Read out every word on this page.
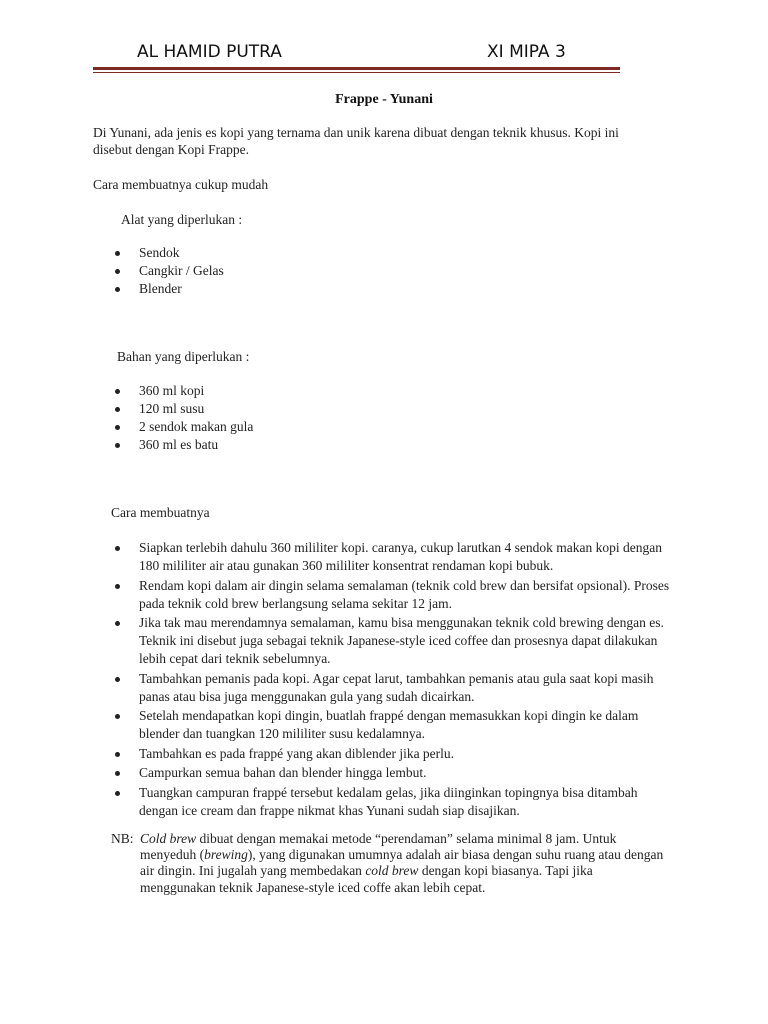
AL HAMID PUTRA	XI MIPA 3
Frappe - Yunani

Di Yunani, ada jenis es kopi yang ternama dan unik karena dibuat dengan teknik khusus. Kopi ini disebut dengan Kopi Frappe.

Cara membuatnya cukup mudah

Alat yang diperlukan :
Sendok
Cangkir / Gelas
Blender
Bahan yang diperlukan :
360 ml kopi
120 ml susu
2 sendok makan gula
360 ml es batu
Cara membuatnya
Siapkan terlebih dahulu 360 mililiter kopi. caranya, cukup larutkan 4 sendok makan kopi dengan 180 mililiter air atau gunakan 360 mililiter konsentrat rendaman kopi bubuk.
Rendam kopi dalam air dingin selama semalaman (teknik cold brew dan bersifat opsional). Proses pada teknik cold brew berlangsung selama sekitar 12 jam.
Jika tak mau merendamnya semalaman, kamu bisa menggunakan teknik cold brewing dengan es. Teknik ini disebut juga sebagai teknik Japanese-style iced coffee dan prosesnya dapat dilakukan lebih cepat dari teknik sebelumnya.
Tambahkan pemanis pada kopi. Agar cepat larut, tambahkan pemanis atau gula saat kopi masih panas atau bisa juga menggunakan gula yang sudah dicairkan.
Setelah mendapatkan kopi dingin, buatlah frappé dengan memasukkan kopi dingin ke dalam blender dan tuangkan 120 mililiter susu kedalamnya.
Tambahkan es pada frappé yang akan diblender jika perlu.
Campurkan semua bahan dan blender hingga lembut.
Tuangkan campuran frappé tersebut kedalam gelas, jika diinginkan topingnya bisa ditambah dengan ice cream dan frappe nikmat khas Yunani sudah siap disajikan.
NB: Cold brew dibuat dengan memakai metode “perendaman” selama minimal 8 jam. Untuk menyeduh (brewing), yang digunakan umumnya adalah air biasa dengan suhu ruang atau dengan air dingin. Ini jugalah yang membedakan cold brew dengan kopi biasanya. Tapi jika menggunakan teknik Japanese-style iced coffe akan lebih cepat.
